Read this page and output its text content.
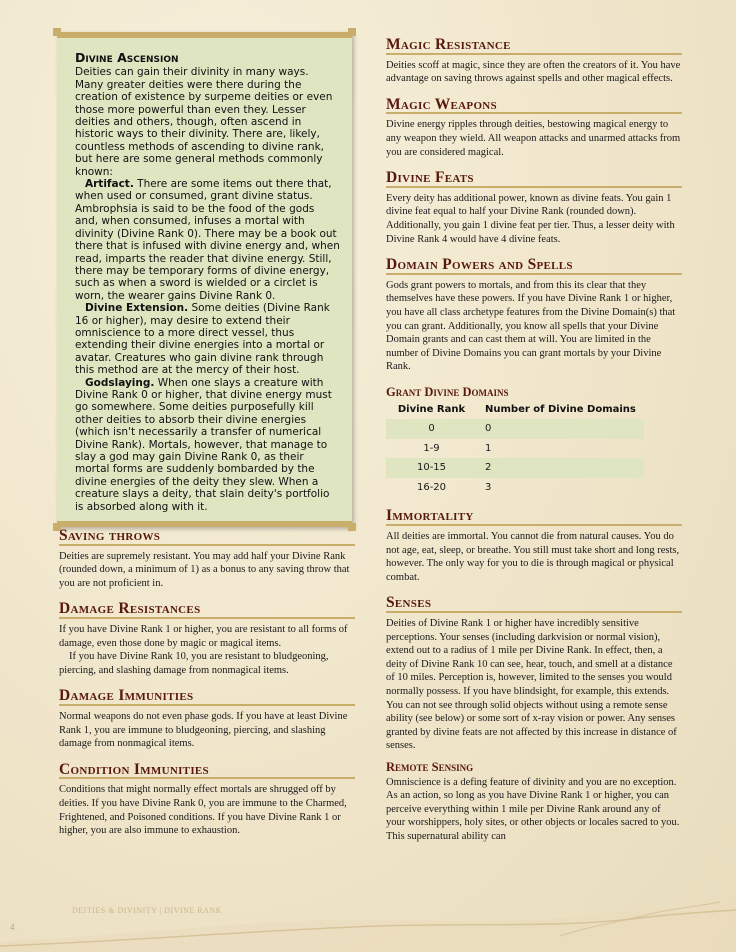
Divine Ascension

Deities can gain their divinity in many ways. Many greater deities were there during the creation of existence by surpeme deities or even those more powerful than even they. Lesser deities and others, though, often ascend in historic ways to their divinity. There are, likely, countless methods of ascending to divine rank, but here are some general methods commonly known:

Artifact. There are some items out there that, when used or consumed, grant divine status. Ambrophsia is said to be the food of the gods and, when consumed, infuses a mortal with divinity (Divine Rank 0). There may be a book out there that is infused with divine energy and, when read, imparts the reader that divine energy. Still, there may be temporary forms of divine energy, such as when a sword is wielded or a circlet is worn, the wearer gains Divine Rank 0.

Divine Extension. Some deities (Divine Rank 16 or higher), may desire to extend their omniscience to a more direct vessel, thus extending their divine energies into a mortal or avatar. Creatures who gain divine rank through this method are at the mercy of their host.

Godslaying. When one slays a creature with Divine Rank 0 or higher, that divine energy must go somewhere. Some deities purposefully kill other deities to absorb their divine energies (which isn't necessarily a transfer of numerical Divine Rank). Mortals, however, that manage to slay a god may gain Divine Rank 0, as their mortal forms are suddenly bombarded by the divine energies of the deity they slew. When a creature slays a deity, that slain deity's portfolio is absorbed along with it.

Saving throws

Deities are supremely resistant. You may add half your Divine Rank (rounded down, a minimum of 1) as a bonus to any saving throw that you are not proficient in.

Damage Resistances

If you have Divine Rank 1 or higher, you are resistant to all forms of damage, even those done by magic or magical items.

If you have Divine Rank 10, you are resistant to bludgeoning, piercing, and slashing damage from nonmagical items.

Damage Immunities

Normal weapons do not even phase gods. If you have at least Divine Rank 1, you are immune to bludgeoning, piercing, and slashing damage from nonmagical items.

Condition Immunities

Conditions that might normally effect mortals are shrugged off by deities. If you have Divine Rank 0, you are immune to the Charmed, Frightened, and Poisoned conditions. If you have Divine Rank 1 or higher, you are also immune to exhaustion.

Magic Resistance

Deities scoff at magic, since they are often the creators of it. You have advantage on saving throws against spells and other magical effects.

Magic Weapons

Divine energy ripples through deities, bestowing magical energy to any weapon they wield. All weapon attacks and unarmed attacks from you are considered magical.

Divine Feats

Every deity has additional power, known as divine feats. You gain 1 divine feat equal to half your Divine Rank (rounded down). Additionally, you gain 1 divine feat per tier. Thus, a lesser deity with Divine Rank 4 would have 4 divine feats.

Domain Powers and Spells

Gods grant powers to mortals, and from this its clear that they themselves have these powers. If you have Divine Rank 1 or higher, you have all class archetype features from the Divine Domain(s) that you can grant. Additionally, you know all spells that your Divine Domain grants and can cast them at will. You are limited in the number of Divine Domains you can grant mortals by your Divine Rank.

Grant Divine Domains
Divine Rank	Number of Divine Domains
0	0
1-9	1
10-15	2
16-20	3
Immortality

All deities are immortal. You cannot die from natural causes. You do not age, eat, sleep, or breathe. You still must take short and long rests, however. The only way for you to die is through magical or physical combat.

Senses

Deities of Divine Rank 1 or higher have incredibly sensitive perceptions. Your senses (including darkvision or normal vision), extend out to a radius of 1 mile per Divine Rank. In effect, then, a deity of Divine Rank 10 can see, hear, touch, and smell at a distance of 10 miles. Perception is, however, limited to the senses you would normally possess. If you have blindsight, for example, this extends. You can not see through solid objects without using a remote sense ability (see below) or some sort of x-ray vision or power. Any senses granted by divine feats are not affected by this increase in distance of senses.

Remote Sensing

Omniscience is a defing feature of divinity and you are no exception. As an action, so long as you have Divine Rank 1 or higher, you can perceive everything within 1 mile per Divine Rank around any of your worshippers, holy sites, or other objects or locales sacred to you. This supernatural ability can

DEITIES & DIVINITY | DIVINE RANK
4
